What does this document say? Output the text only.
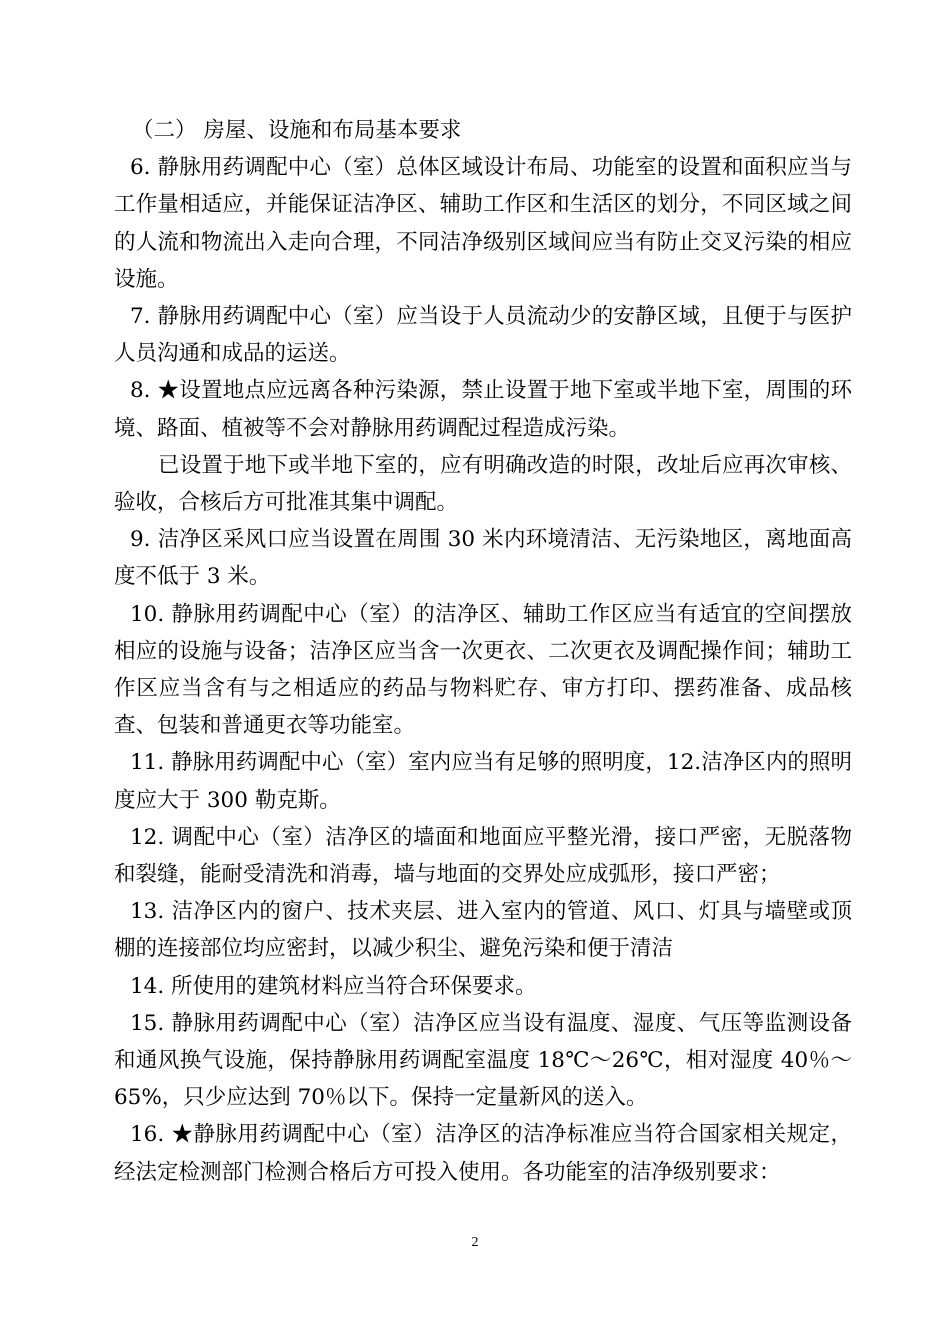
（二） 房屋、设施和布局基本要求

6. 静脉用药调配中心（室）总体区域设计布局、功能室的设置和面积应当与工作量相适应，并能保证洁净区、辅助工作区和生活区的划分，不同区域之间的人流和物流出入走向合理，不同洁净级别区域间应当有防止交叉污染的相应设施。

7. 静脉用药调配中心（室）应当设于人员流动少的安静区域，且便于与医护人员沟通和成品的运送。

8. ★设置地点应远离各种污染源，禁止设置于地下室或半地下室，周围的环境、路面、植被等不会对静脉用药调配过程造成污染。

已设置于地下或半地下室的，应有明确改造的时限，改址后应再次审核、验收，合核后方可批准其集中调配。

9. 洁净区采风口应当设置在周围 30 米内环境清洁、无污染地区，离地面高度不低于 3 米。

10. 静脉用药调配中心（室）的洁净区、辅助工作区应当有适宜的空间摆放相应的设施与设备；洁净区应当含一次更衣、二次更衣及调配操作间；辅助工作区应当含有与之相适应的药品与物料贮存、审方打印、摆药准备、成品核查、包装和普通更衣等功能室。

11. 静脉用药调配中心（室）室内应当有足够的照明度，12.洁净区内的照明度应大于 300 勒克斯。

12. 调配中心（室）洁净区的墙面和地面应平整光滑，接口严密，无脱落物和裂缝，能耐受清洗和消毒，墙与地面的交界处应成弧形，接口严密；

13. 洁净区内的窗户、技术夹层、进入室内的管道、风口、灯具与墙壁或顶棚的连接部位均应密封，以减少积尘、避免污染和便于清洁

14. 所使用的建筑材料应当符合环保要求。

15. 静脉用药调配中心（室）洁净区应当设有温度、湿度、气压等监测设备和通风换气设施，保持静脉用药调配室温度 18℃～26℃，相对湿度 40％～65%，只少应达到 70％以下。保持一定量新风的送入。

16. ★静脉用药调配中心（室）洁净区的洁净标准应当符合国家相关规定，经法定检测部门检测合格后方可投入使用。各功能室的洁净级别要求：

2
